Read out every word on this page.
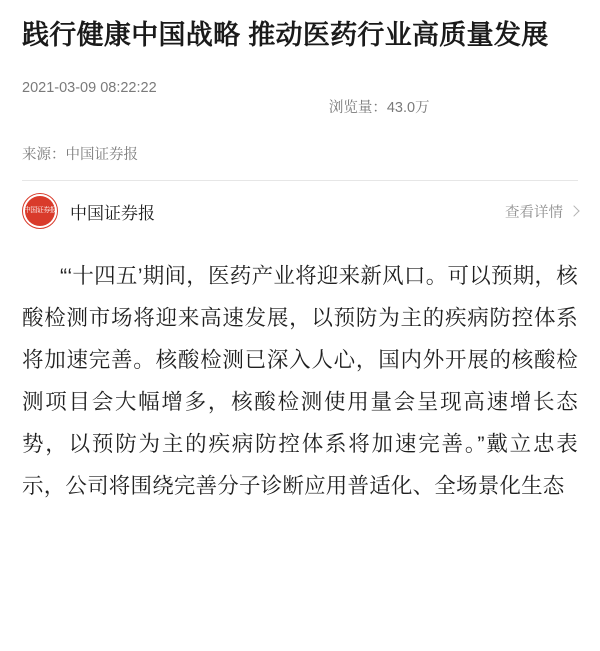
践行健康中国战略 推动医药行业高质量发展
2021-03-09 08:22:22

浏览量：43.0万

来源：中国证券报
中国证券报 中国证券报	查看详情

“‘十四五’期间，医药产业将迎来新风口。可以预期，核酸检测市场将迎来高速发展，以预防为主的疾病防控体系将加速完善。核酸检测已深入人心，国内外开展的核酸检测项目会大幅增多，核酸检测使用量会呈现高速增长态势，以预防为主的疾病防控体系将加速完善。”戴立忠表示，公司将围绕完善分子诊断应用普适化、全场景化生态
